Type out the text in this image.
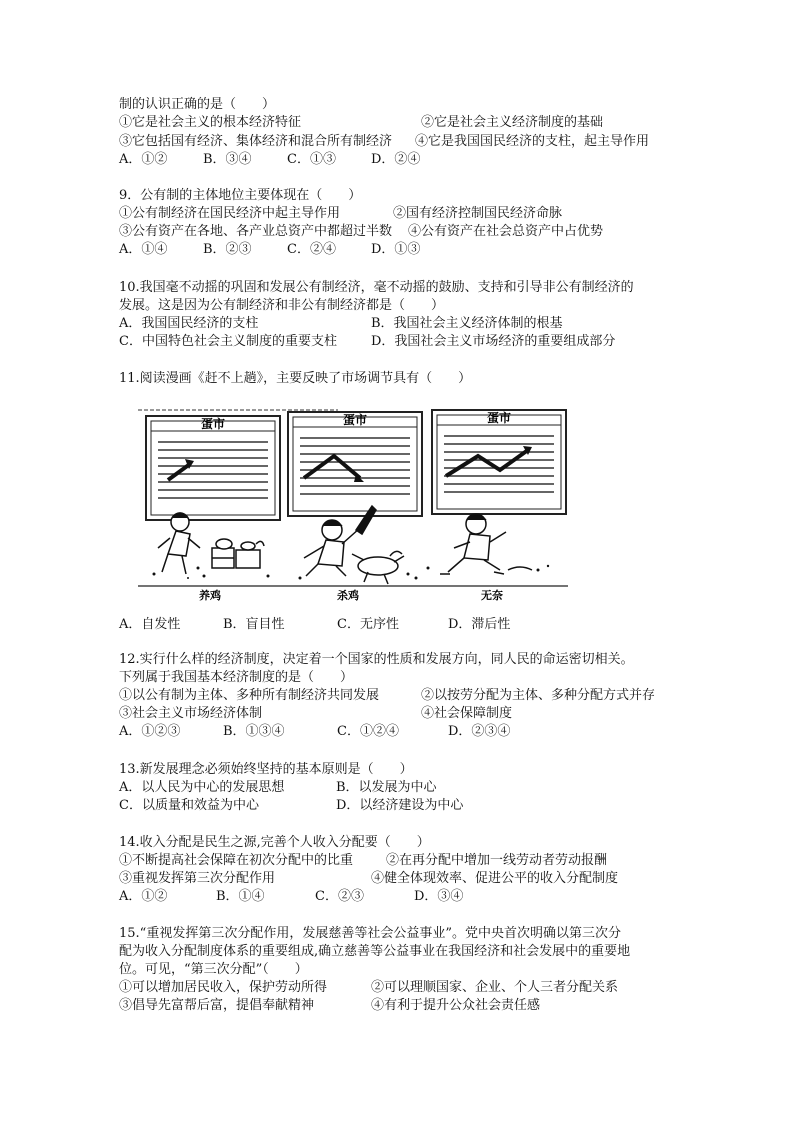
制的认识正确的是（　　）
①它是社会主义的根本经济特征	②它是社会主义经济制度的基础
③它包括国有经济、集体经济和混合所有制经济 ④它是我国国民经济的支柱，起主导作用
A．①②	B．③④	C．①③	D．②④
9．公有制的主体地位主要体现在（　　）
①公有制经济在国民经济中起主导作用	②国有经济控制国民经济命脉
③公有资产在各地、各产业总资产中都超过半数 ④公有资产在社会总资产中占优势
A．①④	B．②③	C．②④	D．①③
10.我国毫不动摇的巩固和发展公有制经济，毫不动摇的鼓励、支持和引导非公有制经济的
发展。这是因为公有制经济和非公有制经济都是（　　）
A．我国国民经济的支柱	B．我国社会主义经济体制的根基
C．中国特色社会主义制度的重要支柱	D．我国社会主义市场经济的重要组成部分
11.阅读漫画《赶不上趟》，主要反映了市场调节具有（　　）
蛋市	蛋市	蛋市
养鸡	杀鸡	无奈
A．自发性	B．盲目性	C．无序性	D．滞后性
12.实行什么样的经济制度，决定着一个国家的性质和发展方向，同人民的命运密切相关。
下列属于我国基本经济制度的是（　　）
①以公有制为主体、多种所有制经济共同发展	②以按劳分配为主体、多种分配方式并存
③社会主义市场经济体制	④社会保障制度
A．①②③	B．①③④	C．①②④	D．②③④
13.新发展理念必须始终坚持的基本原则是（　　）
A．以人民为中心的发展思想	B．以发展为中心
C．以质量和效益为中心	D．以经济建设为中心
14.收入分配是民生之源,完善个人收入分配要（　　）
①不断提高社会保障在初次分配中的比重	②在再分配中增加一线劳动者劳动报酬
③重视发挥第三次分配作用	④健全体现效率、促进公平的收入分配制度
A．①②	B．①④	C．②③	D．③④
15.“重视发挥第三次分配作用，发展慈善等社会公益事业”。党中央首次明确以第三次分
配为收入分配制度体系的重要组成,确立慈善等公益事业在我国经济和社会发展中的重要地
位。可见，“第三次分配”（　　）
①可以增加居民收入，保护劳动所得	②可以理顺国家、企业、个人三者分配关系
③倡导先富帮后富，提倡奉献精神	④有利于提升公众社会责任感
